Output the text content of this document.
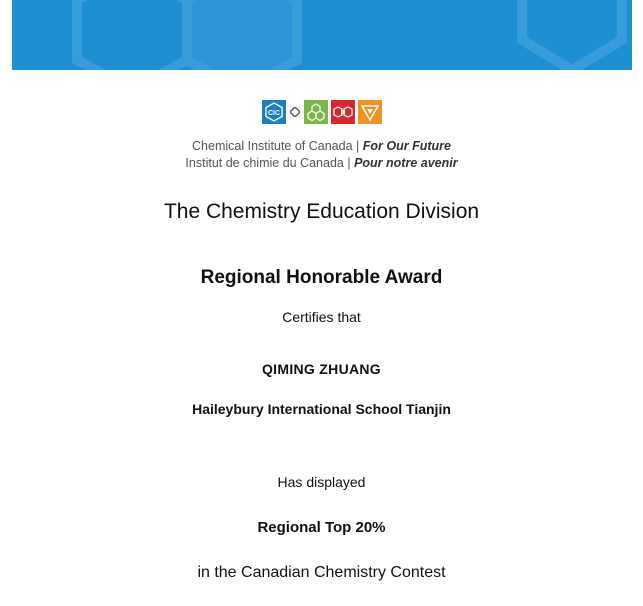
CIC
Chemical Institute of Canada | For Our Future
Institut de chimie du Canada | Pour notre avenir
The Chemistry Education Division
Regional Honorable Award
Certifies that
QIMING ZHUANG
Haileybury International School Tianjin
Has displayed
Regional Top 20%
in the Canadian Chemistry Contest
